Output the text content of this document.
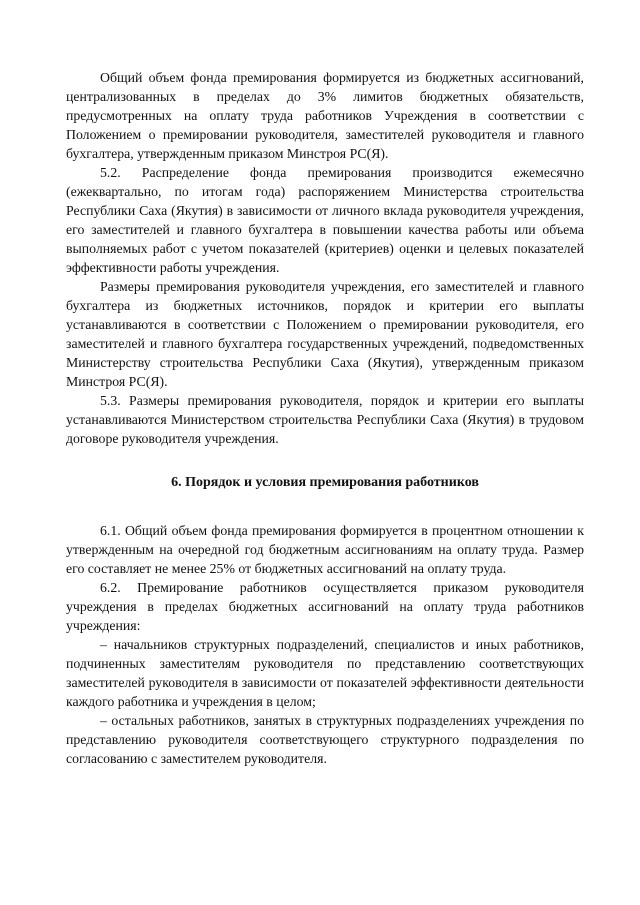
Общий объем фонда премирования формируется из бюджетных ассигнований, централизованных в пределах до 3% лимитов бюджетных обязательств, предусмотренных на оплату труда работников Учреждения в соответствии с Положением о премировании руководителя, заместителей руководителя и главного бухгалтера, утвержденным приказом Минстроя РС(Я).

5.2. Распределение фонда премирования производится ежемесячно (ежеквартально, по итогам года) распоряжением Министерства строительства Республики Саха (Якутия) в зависимости от личного вклада руководителя учреждения, его заместителей и главного бухгалтера в повышении качества работы или объема выполняемых работ с учетом показателей (критериев) оценки и целевых показателей эффективности работы учреждения.

Размеры премирования руководителя учреждения, его заместителей и главного бухгалтера из бюджетных источников, порядок и критерии его выплаты устанавливаются в соответствии с Положением о премировании руководителя, его заместителей и главного бухгалтера государственных учреждений, подведомственных Министерству строительства Республики Саха (Якутия), утвержденным приказом Минстроя РС(Я).

5.3. Размеры премирования руководителя, порядок и критерии его выплаты устанавливаются Министерством строительства Республики Саха (Якутия) в трудовом договоре руководителя учреждения.

6. Порядок и условия премирования работников

6.1. Общий объем фонда премирования формируется в процентном отношении к утвержденным на очередной год бюджетным ассигнованиям на оплату труда. Размер его составляет не менее 25% от бюджетных ассигнований на оплату труда.

6.2. Премирование работников осуществляется приказом руководителя учреждения в пределах бюджетных ассигнований на оплату труда работников учреждения:

– начальников структурных подразделений, специалистов и иных работников, подчиненных заместителям руководителя по представлению соответствующих заместителей руководителя в зависимости от показателей эффективности деятельности каждого работника и учреждения в целом;

– остальных работников, занятых в структурных подразделениях учреждения по представлению руководителя соответствующего структурного подразделения по согласованию с заместителем руководителя.
